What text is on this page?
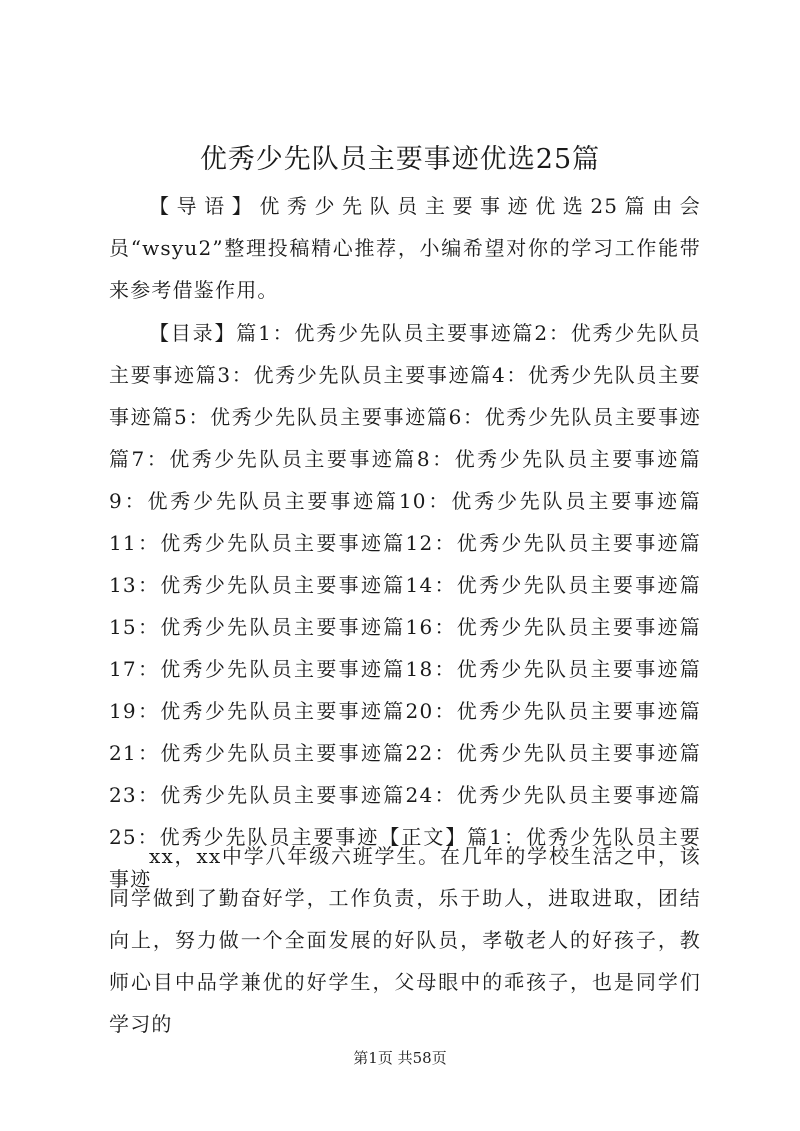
优秀少先队员主要事迹优选25篇

【导语】优秀少先队员主要事迹优选25篇由会员“wsyu2”整理投稿精心推荐，小编希望对你的学习工作能带来参考借鉴作用。

【目录】篇1：优秀少先队员主要事迹篇2：优秀少先队员主要事迹篇3：优秀少先队员主要事迹篇4：优秀少先队员主要事迹篇5：优秀少先队员主要事迹篇6：优秀少先队员主要事迹篇7：优秀少先队员主要事迹篇8：优秀少先队员主要事迹篇9：优秀少先队员主要事迹篇10：优秀少先队员主要事迹篇11：优秀少先队员主要事迹篇12：优秀少先队员主要事迹篇13：优秀少先队员主要事迹篇14：优秀少先队员主要事迹篇15：优秀少先队员主要事迹篇16：优秀少先队员主要事迹篇17：优秀少先队员主要事迹篇18：优秀少先队员主要事迹篇19：优秀少先队员主要事迹篇20：优秀少先队员主要事迹篇21：优秀少先队员主要事迹篇22：优秀少先队员主要事迹篇23：优秀少先队员主要事迹篇24：优秀少先队员主要事迹篇25：优秀少先队员主要事迹【正文】篇1：优秀少先队员主要事迹

xx，xx中学八年级六班学生。在几年的学校生活之中，该同学做到了勤奋好学，工作负责，乐于助人，进取进取，团结向上，努力做一个全面发展的好队员，孝敬老人的好孩子，教师心目中品学兼优的好学生，父母眼中的乖孩子，也是同学们学习的

第1页 共58页
